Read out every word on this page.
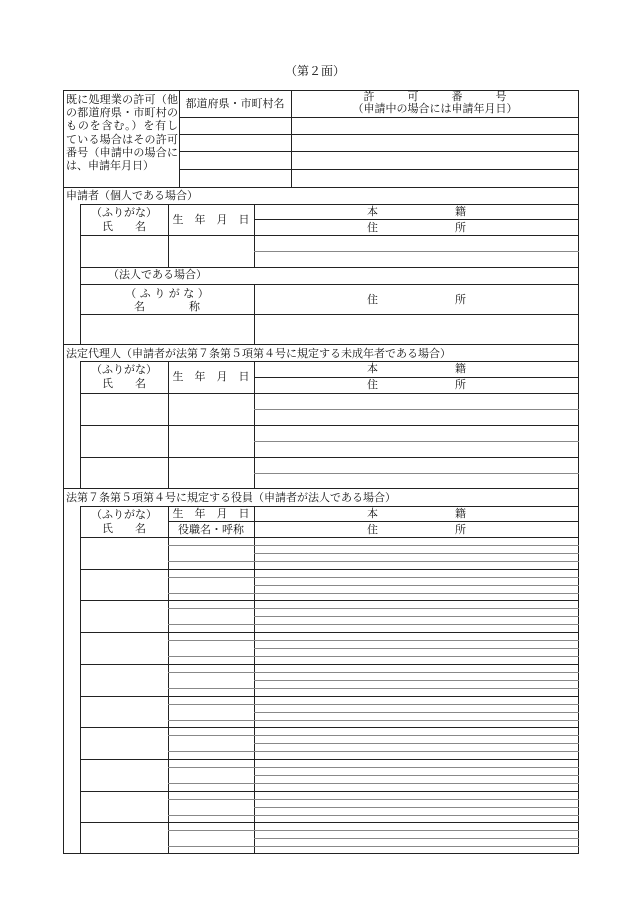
（第２面）
既に処理業の許可（他の都道府県・市町村のものを含む。）を有している場合はその許可番号（申請中の場合には、申請年月日）
都道府県・市町村名
許　　　可　　　番　　　号
（申請中の場合には申請年月日）
申請者（個人である場合）
（ふりがな）
氏　　名
生　年　月　日
本　　　　　　　籍
住　　　　　　　所
（法人である場合）
（ ふ り が な ）
名　　　　称
住　　　　　　　所
法定代理人（申請者が法第７条第５項第４号に規定する未成年者である場合）
（ふりがな）
氏　　名
生　年　月　日
本　　　　　　　籍
住　　　　　　　所
法第７条第５項第４号に規定する役員（申請者が法人である場合）
（ふりがな）
氏　　名
生　年　月　日
役職名・呼称
本　　　　　　　籍
住　　　　　　　所
